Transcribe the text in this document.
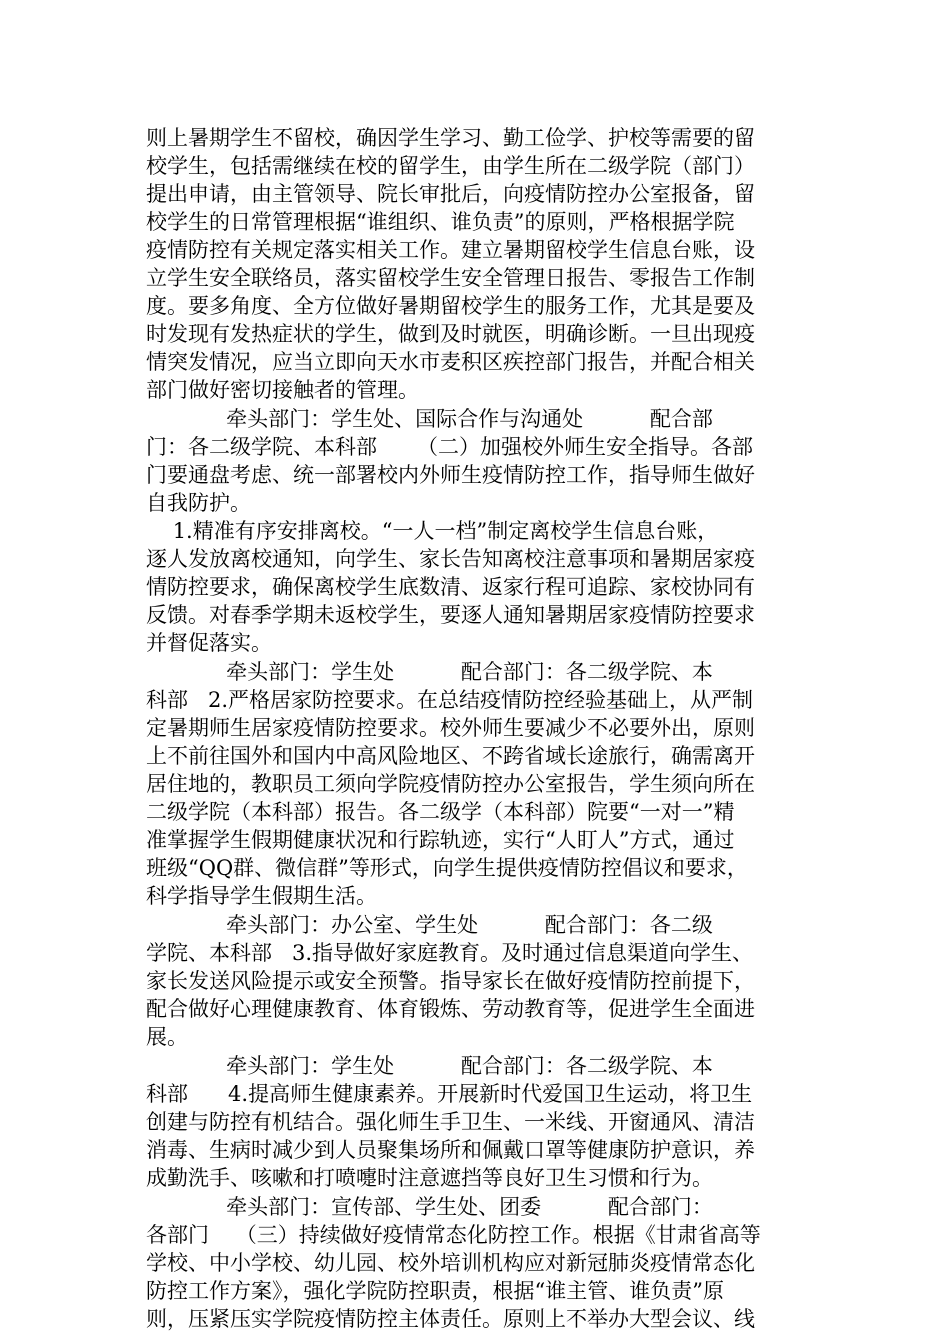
则上暑期学生不留校，确因学生学习、勤工俭学、护校等需要的留
校学生，包括需继续在校的留学生，由学生所在二级学院（部门）
提出申请，由主管领导、院长审批后，向疫情防控办公室报备，留
校学生的日常管理根据“谁组织、谁负责”的原则，严格根据学院
疫情防控有关规定落实相关工作。建立暑期留校学生信息台账，设
立学生安全联络员，落实留校学生安全管理日报告、零报告工作制
度。要多角度、全方位做好暑期留校学生的服务工作，尤其是要及
时发现有发热症状的学生，做到及时就医，明确诊断。一旦出现疫
情突发情况，应当立即向天水市麦积区疾控部门报告，并配合相关
部门做好密切接触者的管理。
牵头部门：学生处、国际合作与沟通处          配合部
门：各二级学院、本科部      （二）加强校外师生安全指导。各部
门要通盘考虑、统一部署校内外师生疫情防控工作，指导师生做好
自我防护。
1.精准有序安排离校。“一人一档”制定离校学生信息台账，
逐人发放离校通知，向学生、家长告知离校注意事项和暑期居家疫
情防控要求，确保离校学生底数清、返家行程可追踪、家校协同有
反馈。对春季学期未返校学生，要逐人通知暑期居家疫情防控要求
并督促落实。
牵头部门：学生处          配合部门：各二级学院、本
科部   2.严格居家防控要求。在总结疫情防控经验基础上，从严制
定暑期师生居家疫情防控要求。校外师生要减少不必要外出，原则
上不前往国外和国内中高风险地区、不跨省域长途旅行，确需离开
居住地的，教职员工须向学院疫情防控办公室报告，学生须向所在
二级学院（本科部）报告。各二级学（本科部）院要“一对一”精
准掌握学生假期健康状况和行踪轨迹，实行“人盯人”方式，通过
班级“QQ群、微信群”等形式，向学生提供疫情防控倡议和要求，
科学指导学生假期生活。
牵头部门：办公室、学生处          配合部门：各二级
学院、本科部   3.指导做好家庭教育。及时通过信息渠道向学生、
家长发送风险提示或安全预警。指导家长在做好疫情防控前提下，
配合做好心理健康教育、体育锻炼、劳动教育等，促进学生全面进
展。
牵头部门：学生处          配合部门：各二级学院、本
科部      4.提高师生健康素养。开展新时代爱国卫生运动，将卫生
创建与防控有机结合。强化师生手卫生、一米线、开窗通风、清洁
消毒、生病时减少到人员聚集场所和佩戴口罩等健康防护意识，养
成勤洗手、咳嗽和打喷嚏时注意遮挡等良好卫生习惯和行为。
牵头部门：宣传部、学生处、团委          配合部门：
各部门    （三）持续做好疫情常态化防控工作。根据《甘肃省高等
学校、中小学校、幼儿园、校外培训机构应对新冠肺炎疫情常态化
防控工作方案》，强化学院防控职责，根据“谁主管、谁负责”原
则，压紧压实学院疫情防控主体责任。原则上不举办大型会议、线
